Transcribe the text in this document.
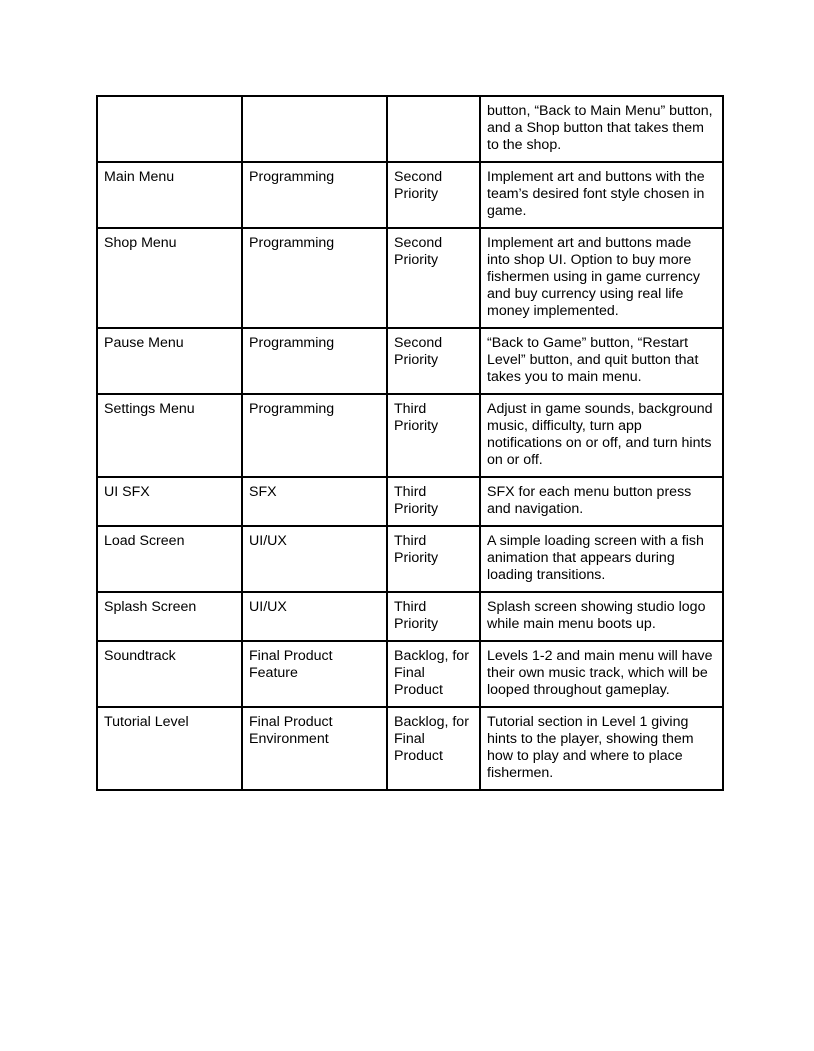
			button, “Back to Main Menu” button, and a Shop button that takes them to the shop.
Main Menu	Programming	Second Priority	Implement art and buttons with the team’s desired font style chosen in game.
Shop Menu	Programming	Second Priority	Implement art and buttons made into shop UI. Option to buy more fishermen using in game currency and buy currency using real life money implemented.
Pause Menu	Programming	Second Priority	“Back to Game” button, “Restart Level” button, and quit button that takes you to main menu.
Settings Menu	Programming	Third Priority	Adjust in game sounds, background music, difficulty, turn app notifications on or off, and turn hints on or off.
UI SFX	SFX	Third Priority	SFX for each menu button press and navigation.
Load Screen	UI/UX	Third Priority	A simple loading screen with a fish animation that appears during loading transitions.
Splash Screen	UI/UX	Third Priority	Splash screen showing studio logo while main menu boots up.
Soundtrack	Final Product Feature	Backlog, for Final Product	Levels 1-2 and main menu will have their own music track, which will be looped throughout gameplay.
Tutorial Level	Final Product Environment	Backlog, for Final Product	Tutorial section in Level 1 giving hints to the player, showing them how to play and where to place fishermen.
